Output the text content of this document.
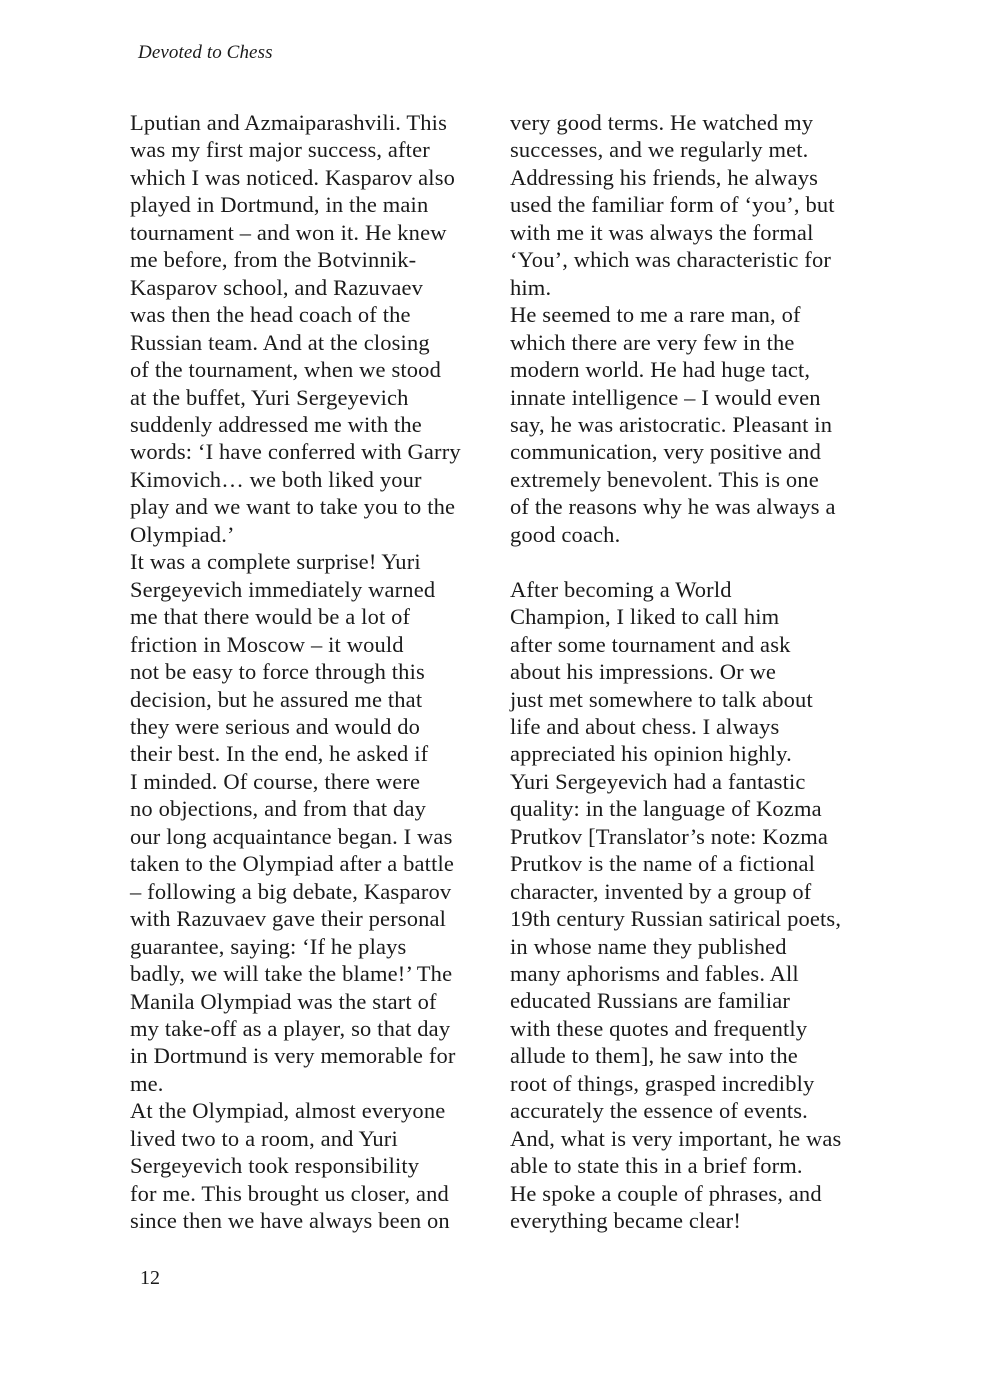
Devoted to Chess
Lputian and Azmaiparashvili. This
was my first major success, after
which I was noticed. Kasparov also
played in Dortmund, in the main
tournament – and won it. He knew
me before, from the Botvinnik-
Kasparov school, and Razuvaev
was then the head coach of the
Russian team. And at the closing
of the tournament, when we stood
at the buffet, Yuri Sergeyevich
suddenly addressed me with the
words: ‘I have conferred with Garry
Kimovich… we both liked your
play and we want to take you to the
Olympiad.’
It was a complete surprise! Yuri
Sergeyevich immediately warned
me that there would be a lot of
friction in Moscow – it would
not be easy to force through this
decision, but he assured me that
they were serious and would do
their best. In the end, he asked if
I minded. Of course, there were
no objections, and from that day
our long acquaintance began. I was
taken to the Olympiad after a battle
– following a big debate, Kasparov
with Razuvaev gave their personal
guarantee, saying: ‘If he plays
badly, we will take the blame!’ The
Manila Olympiad was the start of
my take-off as a player, so that day
in Dortmund is very memorable for
me.
At the Olympiad, almost everyone
lived two to a room, and Yuri
Sergeyevich took responsibility
for me. This brought us closer, and
since then we have always been on
very good terms. He watched my
successes, and we regularly met.
Addressing his friends, he always
used the familiar form of ‘you’, but
with me it was always the formal
‘You’, which was characteristic for
him.
He seemed to me a rare man, of
which there are very few in the
modern world. He had huge tact,
innate intelligence – I would even
say, he was aristocratic. Pleasant in
communication, very positive and
extremely benevolent. This is one
of the reasons why he was always a
good coach.
After becoming a World
Champion, I liked to call him
after some tournament and ask
about his impressions. Or we
just met somewhere to talk about
life and about chess. I always
appreciated his opinion highly.
Yuri Sergeyevich had a fantastic
quality: in the language of Kozma
Prutkov [Translator’s note: Kozma
Prutkov is the name of a fictional
character, invented by a group of
19th century Russian satirical poets,
in whose name they published
many aphorisms and fables. All
educated Russians are familiar
with these quotes and frequently
allude to them], he saw into the
root of things, grasped incredibly
accurately the essence of events.
And, what is very important, he was
able to state this in a brief form.
He spoke a couple of phrases, and
everything became clear!
12
